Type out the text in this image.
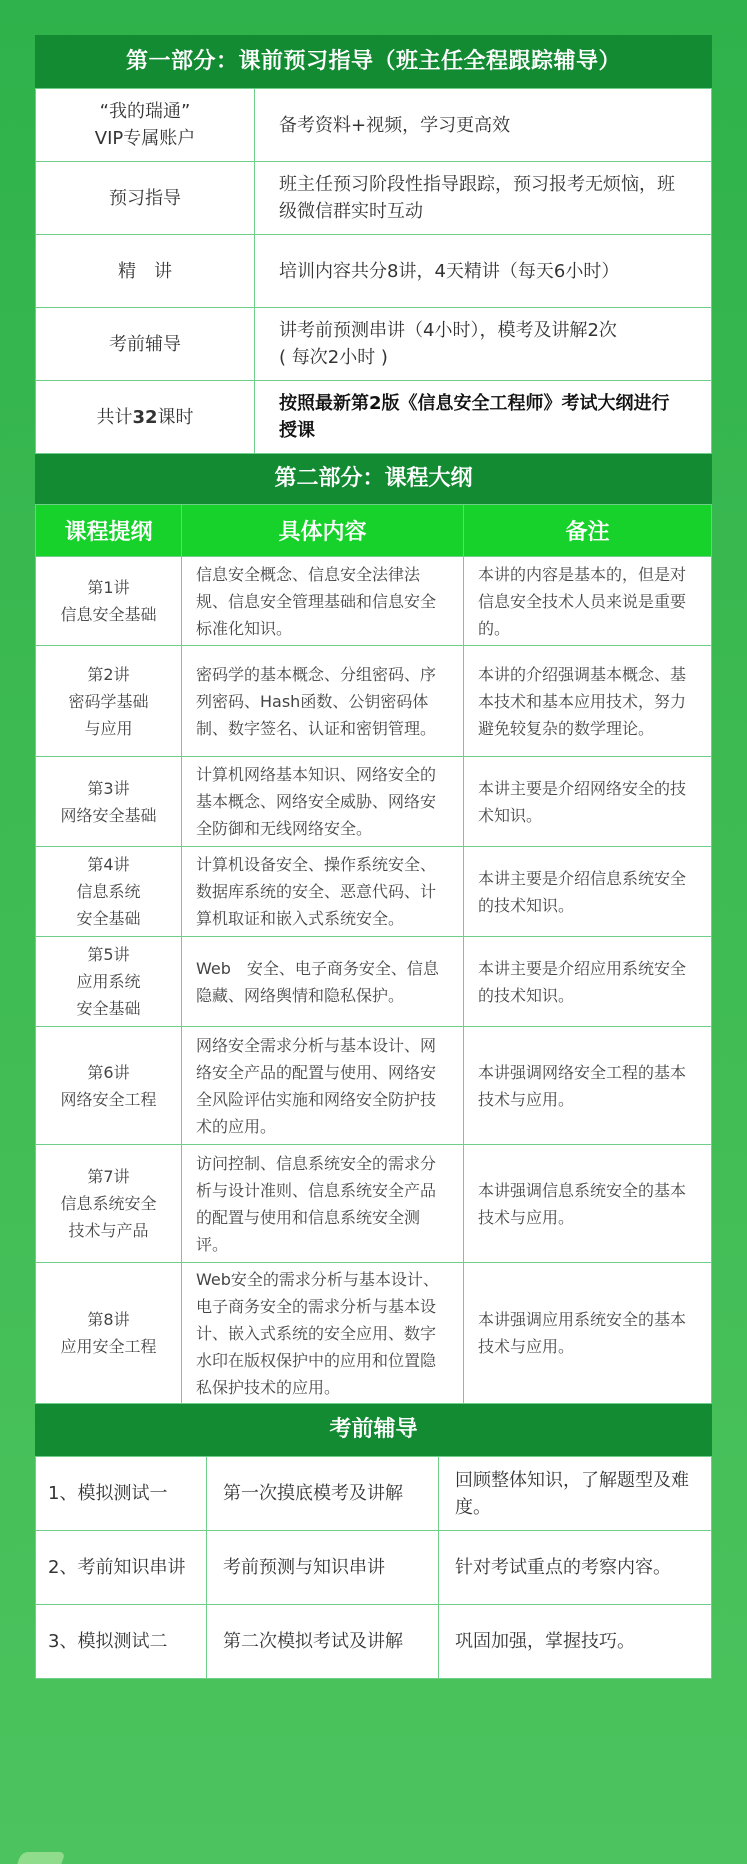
第一部分：课前预习指导（班主任全程跟踪辅导）
“我的瑞通”
VIP专属账户	备考资料+视频，学习更高效
预习指导	班主任预习阶段性指导跟踪，预习报考无烦恼，班级微信群实时互动
精　讲	培训内容共分8讲，4天精讲（每天6小时）
考前辅导	讲考前预测串讲（4小时），模考及讲解2次
( 每次2小时 )

共计32课时	按照最新第2版《信息安全工程师》考试大纲进行授课
第二部分：课程大纲
课程提纲	具体内容	备注

第1讲
信息安全基础	信息安全概念、信息安全法律法规、信息安全管理基础和信息安全标准化知识。	本讲的内容是基本的，但是对信息安全技术人员来说是重要的。

第2讲
密码学基础
与应用	密码学的基本概念、分组密码、序列密码、Hash函数、公钥密码体制、数字签名、认证和密钥管理。	本讲的介绍强调基本概念、基本技术和基本应用技术，努力避免较复杂的数学理论。

第3讲
网络安全基础	计算机网络基本知识、网络安全的基本概念、网络安全威胁、网络安全防御和无线网络安全。	本讲主要是介绍网络安全的技术知识。

第4讲
信息系统
安全基础	计算机设备安全、操作系统安全、数据库系统的安全、恶意代码、计算机取证和嵌入式系统安全。	本讲主要是介绍信息系统安全的技术知识。

第5讲
应用系统
安全基础	Web　安全、电子商务安全、信息隐藏、网络舆情和隐私保护。	本讲主要是介绍应用系统安全的技术知识。

第6讲
网络安全工程	网络安全需求分析与基本设计、网络安全产品的配置与使用、网络安全风险评估实施和网络安全防护技术的应用。	本讲强调网络安全工程的基本技术与应用。

第7讲
信息系统安全
技术与产品	访问控制、信息系统安全的需求分析与设计准则、信息系统安全产品的配置与使用和信息系统安全测评。	本讲强调信息系统安全的基本技术与应用。

第8讲
应用安全工程	Web安全的需求分析与基本设计、电子商务安全的需求分析与基本设计、嵌入式系统的安全应用、数字水印在版权保护中的应用和位置隐私保护技术的应用。	本讲强调应用系统安全的基本技术与应用。
考前辅导
1、模拟测试一	第一次摸底模考及讲解	回顾整体知识，了解题型及难度。
2、考前知识串讲	考前预测与知识串讲	针对考试重点的考察内容。
3、模拟测试二	第二次模拟考试及讲解	巩固加强，掌握技巧。
